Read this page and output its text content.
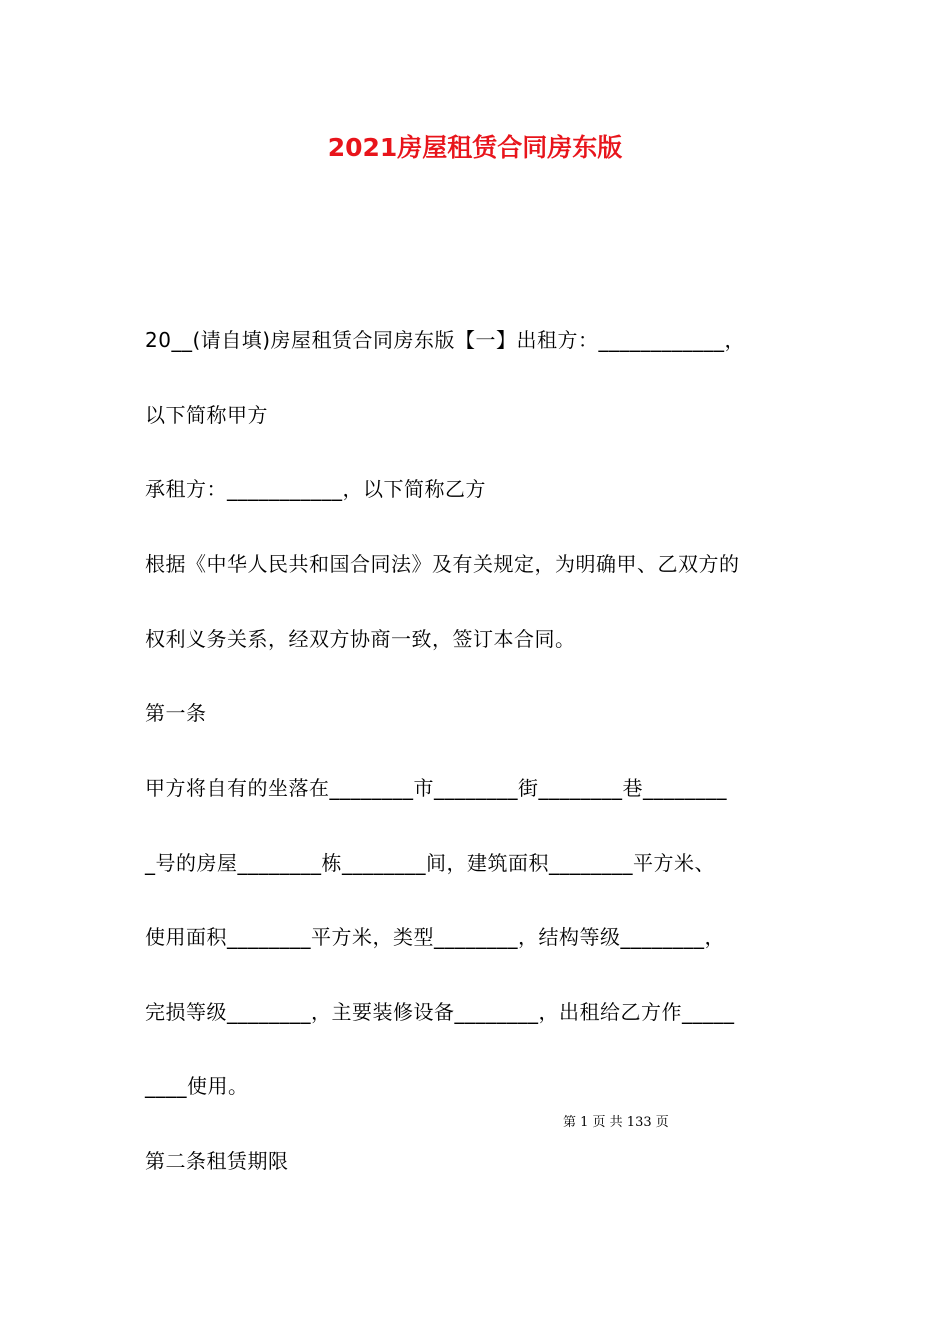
2021房屋租赁合同房东版
20__(请自填)房屋租赁合同房东版【一】出租方：____________，
以下简称甲方
承租方：___________，以下简称乙方
根据《中华人民共和国合同法》及有关规定，为明确甲、乙双方的
权利义务关系，经双方协商一致，签订本合同。
第一条
甲方将自有的坐落在________市________街________巷________
_号的房屋________栋________间，建筑面积________平方米、
使用面积________平方米，类型________，结构等级________，
完损等级________，主要装修设备________，出租给乙方作_____
____使用。
第 1 页 共 133 页
第二条租赁期限
